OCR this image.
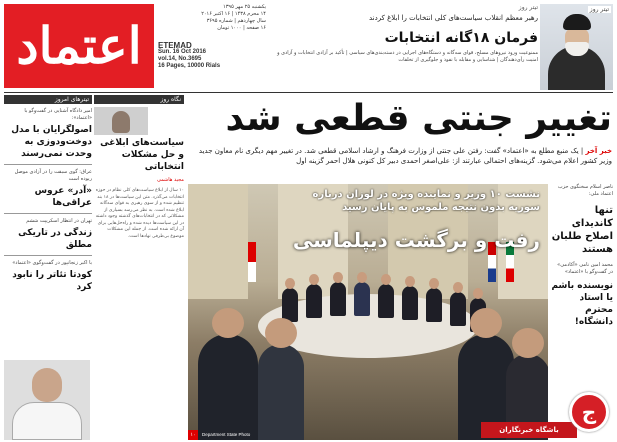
اعتماد
یکشنبه ۲۵ مهر ۱۳۹۵
۱۴ محرم ۱۴۳۸ | ۱۶ اکتبر ۲۰۱۶
سال چهاردهم | شماره ۳۶۹۵
۱۶ صفحه | ۱۰۰۰ تومان
ETEMAD
Sun. 16 Oct 2016
vol.14, No.3695
16 Pages, 10000 Rials
تیتر روز
رهبر معظم انقلاب سیاست‌های کلی انتخابات را ابلاغ کردند
فرمان ۱۸گانه انتخابات
ممنوعیت ورود نیروهای مسلح، قوای سه‌گانه و دستگاه‌های اجرایی در دسته‌بندی‌های سیاسی | تأکید بر آزادی انتخابات و آزادی و امنیت رأی‌دهندگان | شناسایی و مقابله با نفوذ و جلوگیری از تخلفات
تیتر روز
تیتر‌های امروز
امیر دادگاه آشنایی در گفت‌وگو با «اعتماد»:
اصولگرایان با مدل دوخت‌ودوزی به وحدت نمی‌رسند
عراق: گوی سبقت را در آزادی موصل ربوده است
«آدر» عروس عراقی‌ها
تهران در انتظار اسکریپت ششم
زندگی در تاریکی مطلق
با اکبر زنجانپور در گفت‌وگوی «اعتماد»
کودتا تئاتر را نابود کرد
نگاه روز
سیاست‌های ابلاغی و حل مشکلات انتخاباتی
مجید هاشمی
۱۰ سال از ابلاغ سیاست‌های کلی نظام در حوزه انتخابات می‌گذرد. متن این سیاست‌ها در ۱۸ بند تنظیم شده و از سوی رهبری به قوای سه‌گانه ابلاغ شده است. به نظر می‌رسد بسیاری از مشکلاتی که در انتخابات‌های گذشته وجود داشته در این سیاست‌ها دیده شده و راه‌حل‌هایی برای آن ارائه شده است. از جمله این مشکلات موضوع بی‌طرفی نهادها است.
تغییر جنتی قطعی شد
خبر آخر | یک منبع مطلع به «اعتماد» گفت: رفتن علی جنتی از وزارت فرهنگ و ارشاد اسلامی قطعی شد. در تغییر مهم دیگری نام معاون جدید وزیر کشور اعلام می‌شود. گزینه‌های احتمالی عبارتند از: علی‌اصغر احمدی دبیر کل کنونی هلال احمر گزینه اول
نشست ۱۰ وزیر و نماینده ویژه در لوزان درباره سوریه بدون نتیجه ملموس به پایان رسید
رفت و برگشت دیپلماسی
۱۰	Department State Photo
ناصر اسلام سخنگوی حزب اعتماد ملی:
تنها کاندیدای اصلاح طلبان هستند
محمد امین نامی «آکادمی» در گفت‌وگو با «اعتماد»
نویسنده باشم یا استاد محترم دانشگاه!
باشگاه خبرنگاران
ج
